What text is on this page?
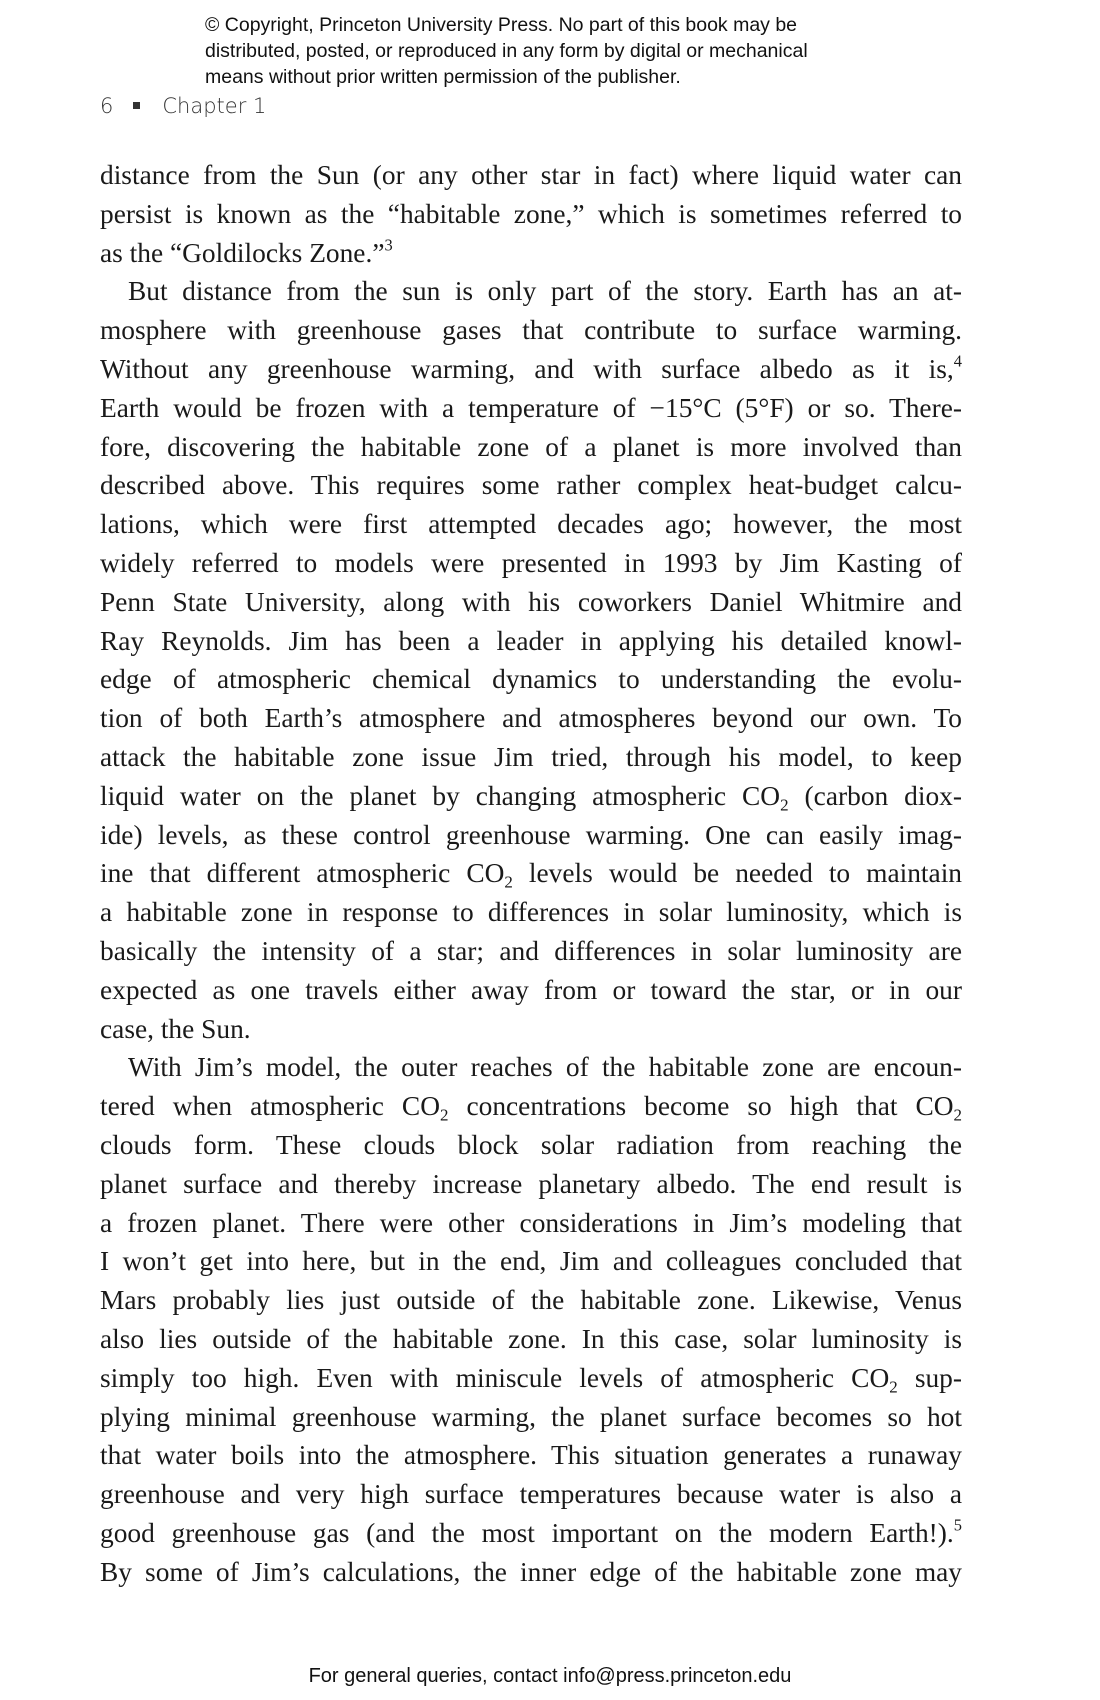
© Copyright, Princeton University Press. No part of this book may be
distributed, posted, or reproduced in any form by digital or mechanical
means without prior written permission of the publisher.
6 Chapter 1
distance from the Sun (or any other star in fact) where liquid water can
persist is known as the “habitable zone,” which is sometimes referred to
as the “Goldilocks Zone.”$^3$
But distance from the sun is only part of the story. Earth has an at-
mosphere with greenhouse gases that contribute to surface warming.
Without any greenhouse warming, and with surface albedo as it is,$^4$
Earth would be frozen with a temperature of −15°C (5°F) or so. There-
fore, discovering the habitable zone of a planet is more involved than
described above. This requires some rather complex heat-budget calcu-
lations, which were first attempted decades ago; however, the most
widely referred to models were presented in 1993 by Jim Kasting of
Penn State University, along with his coworkers Daniel Whitmire and
Ray Reynolds. Jim has been a leader in applying his detailed knowl-
edge of atmospheric chemical dynamics to understanding the evolu-
tion of both Earth’s atmosphere and atmospheres beyond our own. To
attack the habitable zone issue Jim tried, through his model, to keep
liquid water on the planet by changing atmospheric $CO_2$ (carbon diox-
ide) levels, as these control greenhouse warming. One can easily imag-
ine that different atmospheric $CO_2$ levels would be needed to maintain
a habitable zone in response to differences in solar luminosity, which is
basically the intensity of a star; and differences in solar luminosity are
expected as one travels either away from or toward the star, or in our
case, the Sun.
With Jim’s model, the outer reaches of the habitable zone are encoun-
tered when atmospheric $CO_2$ concentrations become so high that $CO_2$
clouds form. These clouds block solar radiation from reaching the
planet surface and thereby increase planetary albedo. The end result is
a frozen planet. There were other considerations in Jim’s modeling that
I won’t get into here, but in the end, Jim and colleagues concluded that
Mars probably lies just outside of the habitable zone. Likewise, Venus
also lies outside of the habitable zone. In this case, solar luminosity is
simply too high. Even with miniscule levels of atmospheric $CO_2$ sup-
plying minimal greenhouse warming, the planet surface becomes so hot
that water boils into the atmosphere. This situation generates a runaway
greenhouse and very high surface temperatures because water is also a
good greenhouse gas (and the most important on the modern Earth!).$^5$
By some of Jim’s calculations, the inner edge of the habitable zone may
For general queries, contact info@press.princeton.edu
